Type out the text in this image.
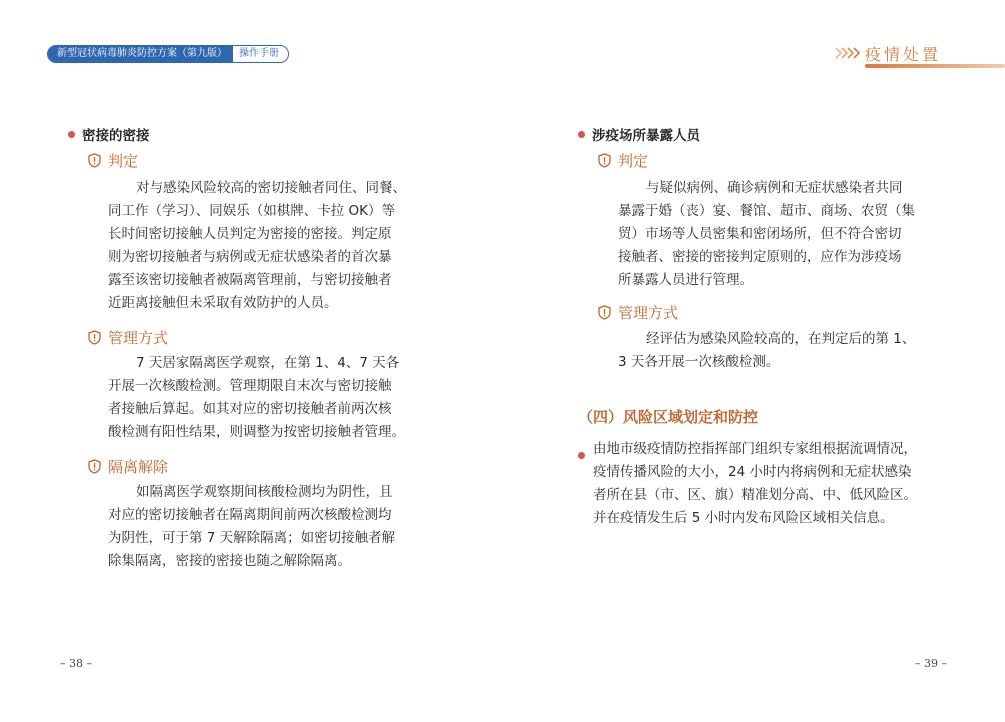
新型冠状病毒肺炎防控方案（第九版）	操作手册
密接的密接
判定

对与感染风险较高的密切接触者同住、同餐、
同工作（学习）、同娱乐（如棋牌、卡拉 OK）等
长时间密切接触人员判定为密接的密接。判定原
则为密切接触者与病例或无症状感染者的首次暴
露至该密切接触者被隔离管理前，与密切接触者
近距离接触但未采取有效防护的人员。

管理方式

7 天居家隔离医学观察，在第 1、4、7 天各
开展一次核酸检测。管理期限自末次与密切接触
者接触后算起。如其对应的密切接触者前两次核
酸检测有阳性结果，则调整为按密切接触者管理。

隔离解除

如隔离医学观察期间核酸检测均为阴性，且
对应的密切接触者在隔离期间前两次核酸检测均
为阴性，可于第 7 天解除隔离；如密切接触者解
除集隔离，密接的密接也随之解除隔离。

– 38 –
疫情处置
涉疫场所暴露人员
判定

与疑似病例、确诊病例和无症状感染者共同
暴露于婚（丧）宴、餐馆、超市、商场、农贸（集
贸）市场等人员密集和密闭场所，但不符合密切
接触者、密接的密接判定原则的，应作为涉疫场
所暴露人员进行管理。

管理方式

经评估为感染风险较高的，在判定后的第 1、
3 天各开展一次核酸检测。

（四）风险区域划定和防控

由地市级疫情防控指挥部门组织专家组根据流调情况，
疫情传播风险的大小，24 小时内将病例和无症状感染
者所在县（市、区、旗）精准划分高、中、低风险区。
并在疫情发生后 5 小时内发布风险区域相关信息。

– 39 –
